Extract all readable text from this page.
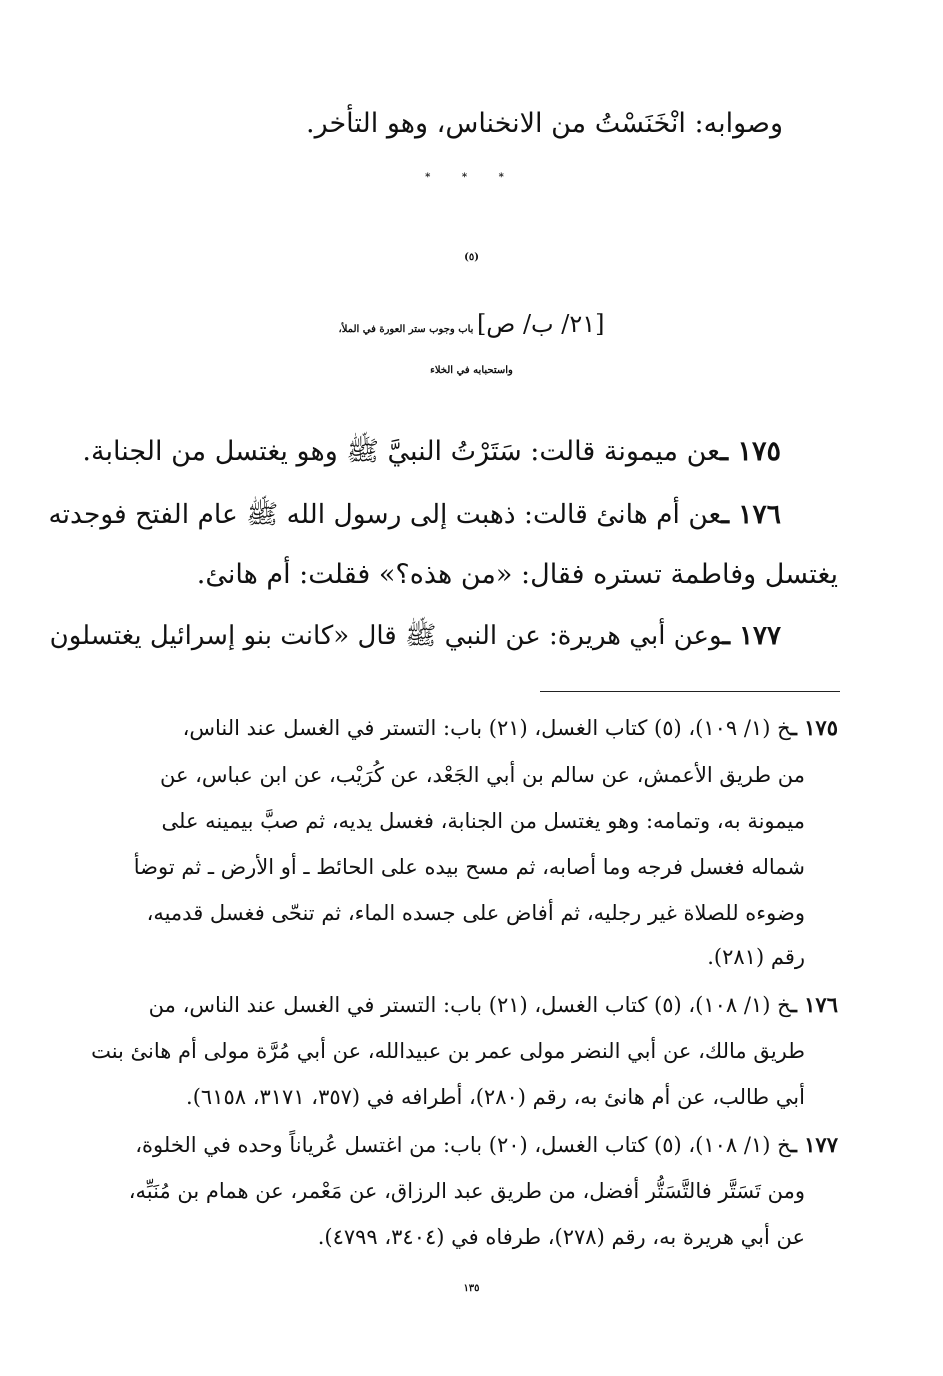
وصوابه: انْخَنَسْتُ من الانخناس، وهو التأخر.
* * *
(٥)
[٢١/ ب/ ص] باب وجوب ستر العورة في الملأ،
واستحبابه في الخلاء
١٧٥ ـعن ميمونة قالت: سَتَرْتُ النبيَّ ﷺ وهو يغتسل من الجنابة.
١٧٦ ـعن أم هانئ قالت: ذهبت إلى رسول الله ﷺ عام الفتح فوجدته
يغتسل وفاطمة تستره فقال: «من هذه؟» فقلت: أم هانئ.
١٧٧ ـوعن أبي هريرة: عن النبي ﷺ قال «كانت بنو إسرائيل يغتسلون
١٧٥ ـخ (١/ ١٠٩)، (٥) كتاب الغسل، (٢١) باب: التستر في الغسل عند الناس،
من طريق الأعمش، عن سالم بن أبي الجَعْد، عن كُرَيْب، عن ابن عباس، عن
ميمونة به، وتمامه: وهو يغتسل من الجنابة، فغسل يديه، ثم صبَّ بيمينه على
شماله فغسل فرجه وما أصابه، ثم مسح بيده على الحائط ـ أو الأرض ـ ثم توضأ
وضوءه للصلاة غير رجليه، ثم أفاض على جسده الماء، ثم تنحّى فغسل قدميه،
رقم (٢٨١).
١٧٦ ـخ (١/ ١٠٨)، (٥) كتاب الغسل، (٢١) باب: التستر في الغسل عند الناس، من
طريق مالك، عن أبي النضر مولى عمر بن عبيدالله، عن أبي مُرَّة مولى أم هانئ بنت
أبي طالب، عن أم هانئ به، رقم (٢٨٠)، أطرافه في (٣٥٧، ٣١٧١، ٦١٥٨).
١٧٧ ـخ (١/ ١٠٨)، (٥) كتاب الغسل، (٢٠) باب: من اغتسل عُرياناً وحده في الخلوة،
ومن تَسَتَّر فالتَّسَتُّر أفضل، من طريق عبد الرزاق، عن مَعْمر، عن همام بن مُنَبِّه،
عن أبي هريرة به، رقم (٢٧٨)، طرفاه في (٣٤٠٤، ٤٧٩٩).
١٣٥
